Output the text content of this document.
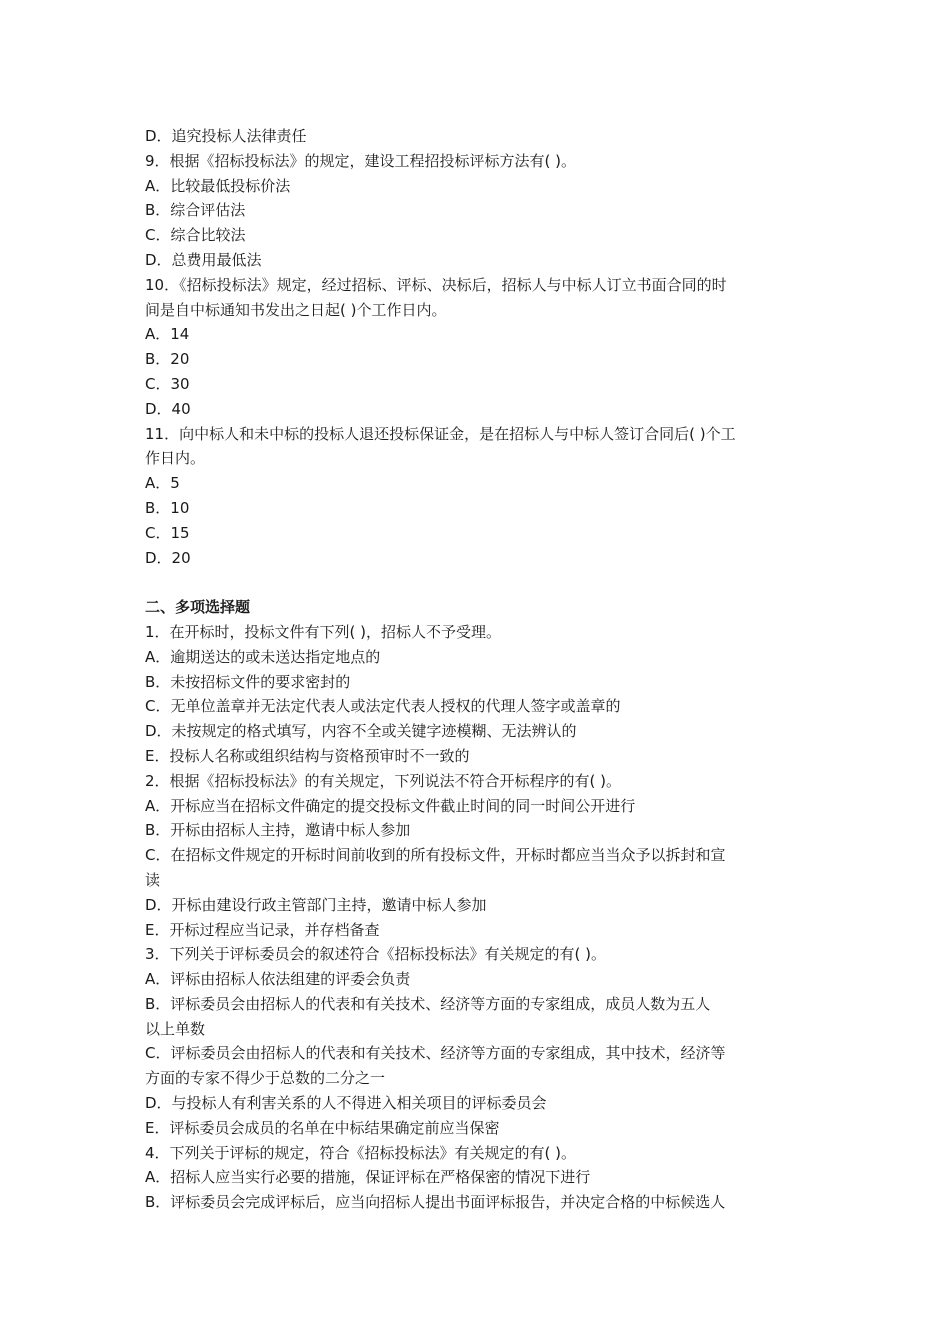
D．追究投标人法律责任
9．根据《招标投标法》的规定，建设工程招投标评标方法有( )。
A．比较最低投标价法
B．综合评估法
C．综合比较法
D．总费用最低法
10．《招标投标法》规定，经过招标、评标、决标后，招标人与中标人订立书面合同的时
间是自中标通知书发出之日起( )个工作日内。
A．14
B．20
C．30
D．40
11．向中标人和未中标的投标人退还投标保证金，是在招标人与中标人签订合同后( )个工
作日内。
A．5
B．10
C．15
D．20
二、多项选择题
1．在开标时，投标文件有下列( )，招标人不予受理。
A．逾期送达的或未送达指定地点的
B．未按招标文件的要求密封的
C．无单位盖章并无法定代表人或法定代表人授权的代理人签字或盖章的
D．未按规定的格式填写，内容不全或关键字迹模糊、无法辨认的
E．投标人名称或组织结构与资格预审时不一致的
2．根据《招标投标法》的有关规定，下列说法不符合开标程序的有( )。
A．开标应当在招标文件确定的提交投标文件截止时间的同一时间公开进行
B．开标由招标人主持，邀请中标人参加
C．在招标文件规定的开标时间前收到的所有投标文件，开标时都应当当众予以拆封和宣
读
D．开标由建设行政主管部门主持，邀请中标人参加
E．开标过程应当记录，并存档备查
3．下列关于评标委员会的叙述符合《招标投标法》有关规定的有( )。
A．评标由招标人依法组建的评委会负责
B．评标委员会由招标人的代表和有关技术、经济等方面的专家组成，成员人数为五人
以上单数
C．评标委员会由招标人的代表和有关技术、经济等方面的专家组成，其中技术，经济等
方面的专家不得少于总数的二分之一
D．与投标人有利害关系的人不得进入相关项目的评标委员会
E．评标委员会成员的名单在中标结果确定前应当保密
4．下列关于评标的规定，符合《招标投标法》有关规定的有( )。
A．招标人应当实行必要的措施，保证评标在严格保密的情况下进行
B．评标委员会完成评标后，应当向招标人提出书面评标报告，并决定合格的中标候选人
